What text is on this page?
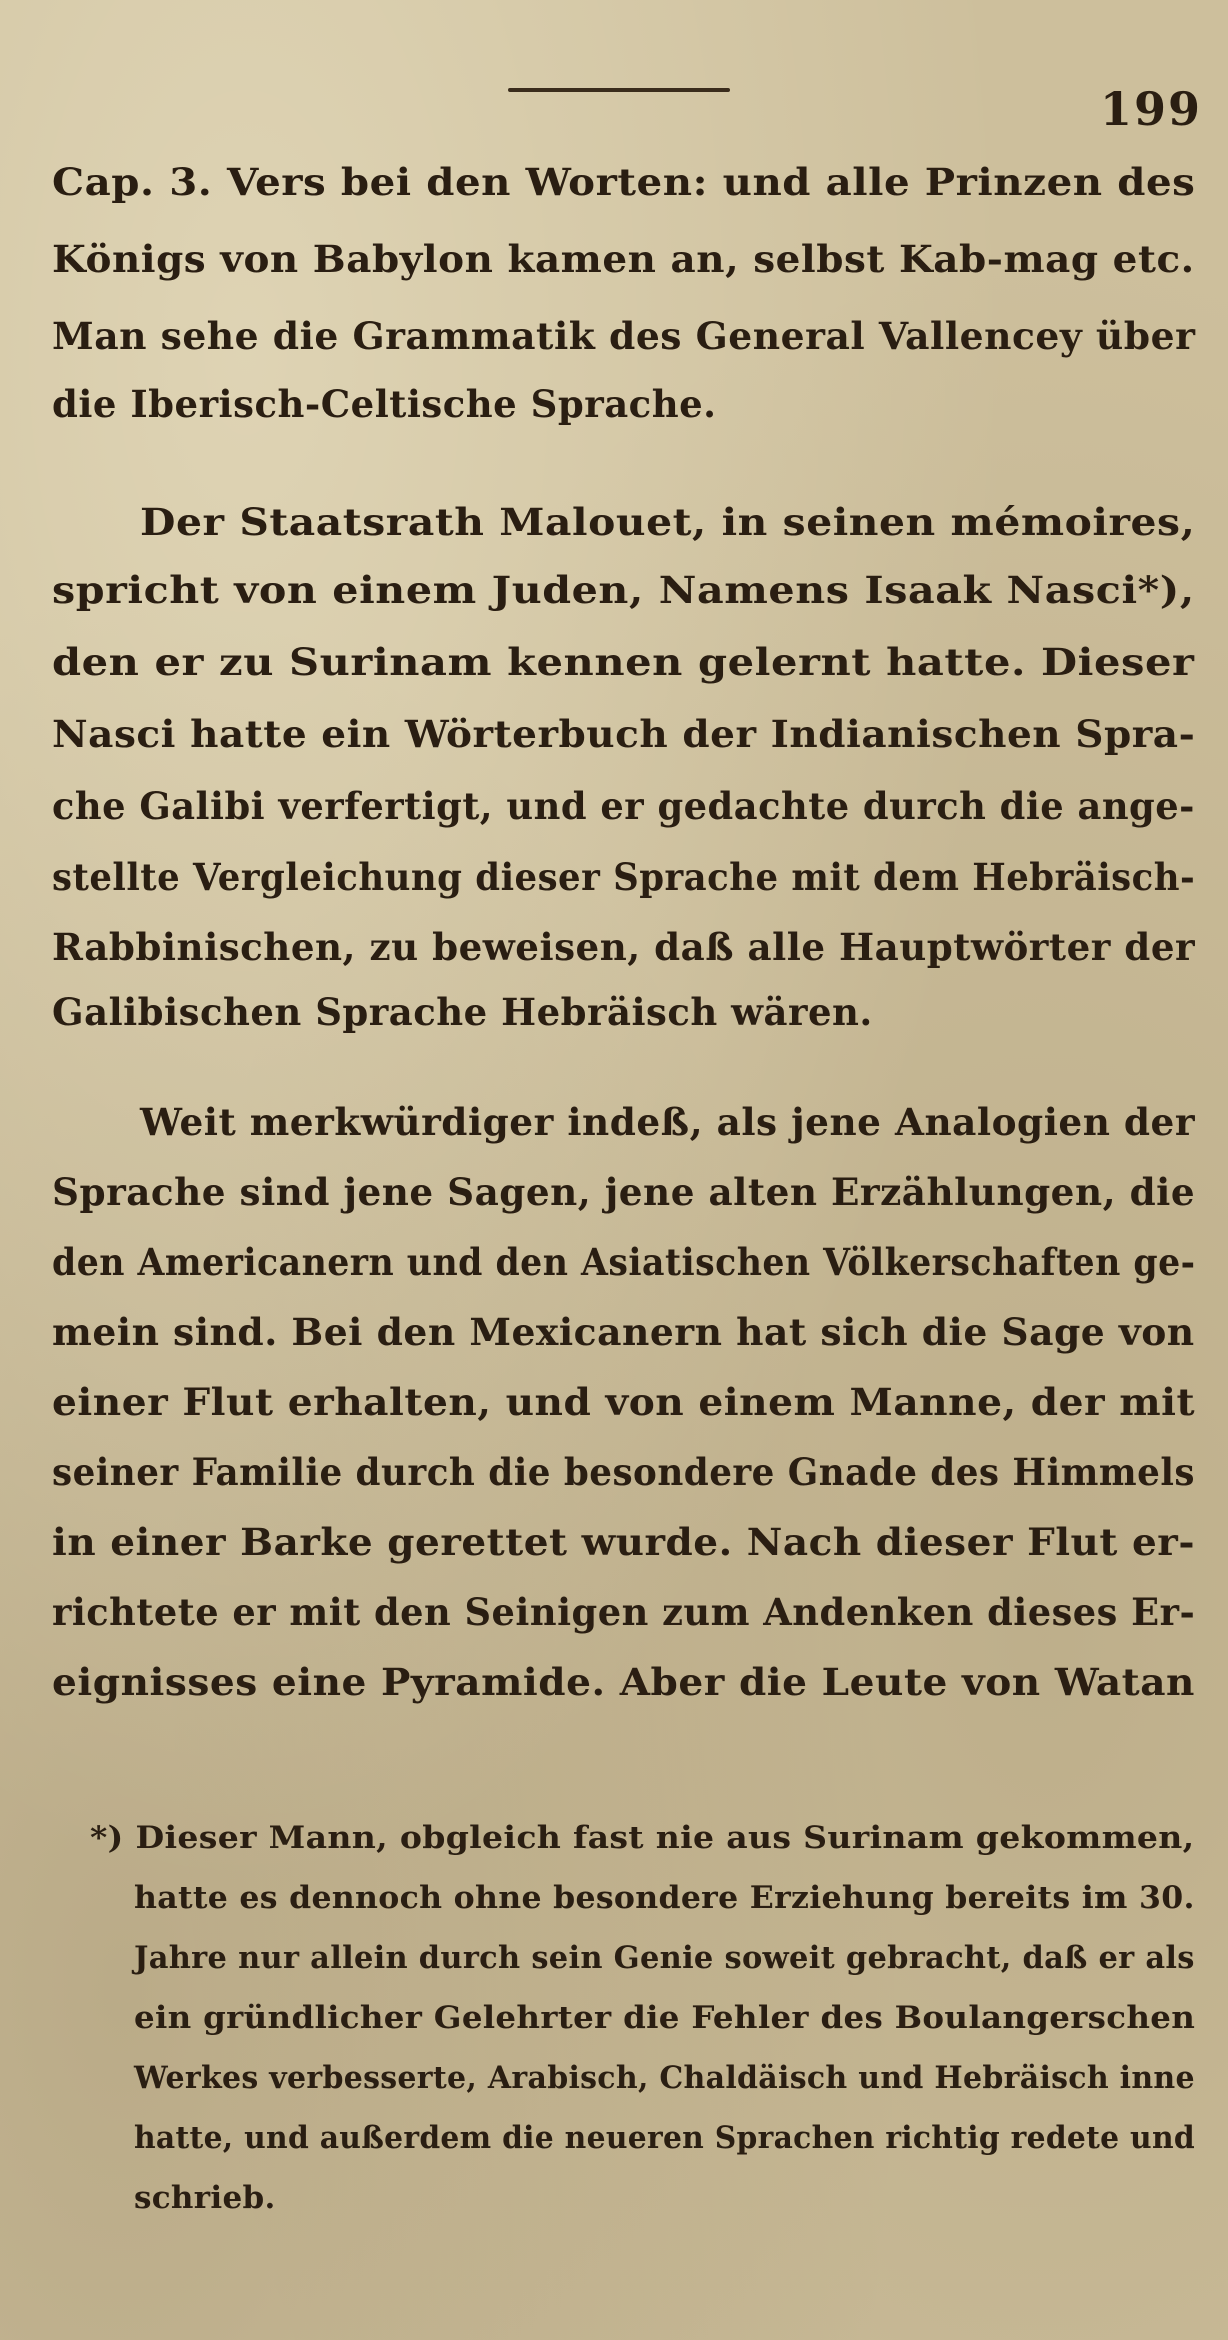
199
Cap. 3. Vers bei den Worten: und alle Prinzen des
Königs von Babylon kamen an, selbst Kab-mag etc.
Man sehe die Grammatik des General Vallencey über
die Iberisch-Celtische Sprache.
Der Staatsrath Malouet, in seinen mémoires,
spricht von einem Juden, Namens Isaak Nasci*),
den er zu Surinam kennen gelernt hatte. Dieser
Nasci hatte ein Wörterbuch der Indianischen Spra-
che Galibi verfertigt, und er gedachte durch die ange-
stellte Vergleichung dieser Sprache mit dem Hebräisch-
Rabbinischen, zu beweisen, daß alle Hauptwörter der
Galibischen Sprache Hebräisch wären.
Weit merkwürdiger indeß, als jene Analogien der
Sprache sind jene Sagen, jene alten Erzählungen, die
den Americanern und den Asiatischen Völkerschaften ge-
mein sind. Bei den Mexicanern hat sich die Sage von
einer Flut erhalten, und von einem Manne, der mit
seiner Familie durch die besondere Gnade des Himmels
in einer Barke gerettet wurde. Nach dieser Flut er-
richtete er mit den Seinigen zum Andenken dieses Er-
eignisses eine Pyramide. Aber die Leute von Watan
*) Dieser Mann, obgleich fast nie aus Surinam gekommen,
hatte es dennoch ohne besondere Erziehung bereits im 30.
Jahre nur allein durch sein Genie soweit gebracht, daß er als
ein gründlicher Gelehrter die Fehler des Boulangerschen
Werkes verbesserte, Arabisch, Chaldäisch und Hebräisch inne
hatte, und außerdem die neueren Sprachen richtig redete und
schrieb.
